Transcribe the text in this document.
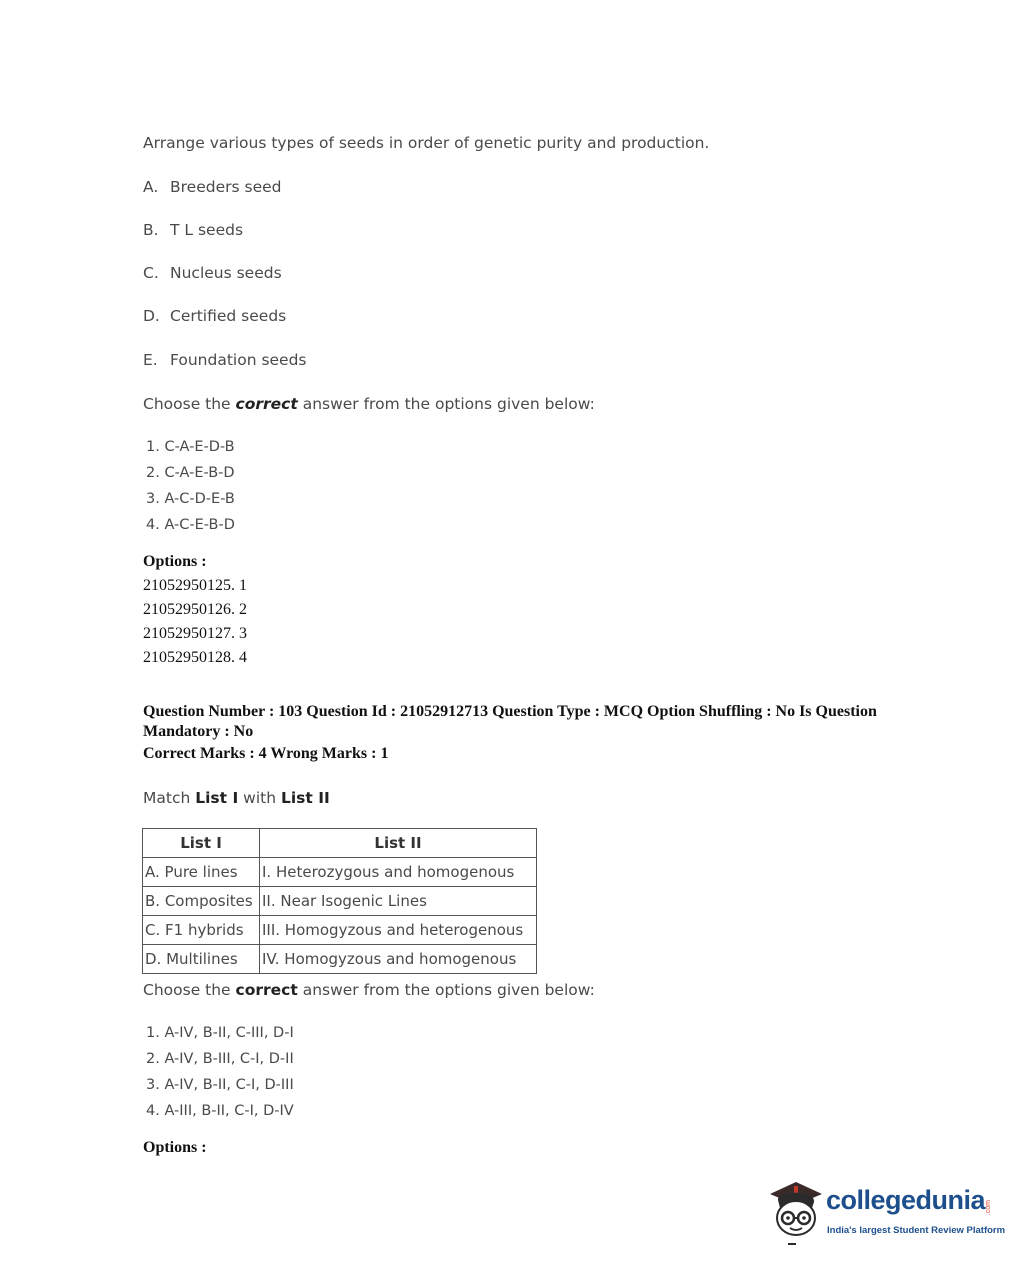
Arrange various types of seeds in order of genetic purity and production.
A. Breeders seed
B. T L seeds
C. Nucleus seeds
D. Certified seeds
E. Foundation seeds
Choose the correct answer from the options given below:
1. C-A-E-D-B
2. C-A-E-B-D
3. A-C-D-E-B
4. A-C-E-B-D
Options :
21052950125. 1
21052950126. 2
21052950127. 3
21052950128. 4
Question Number : 103 Question Id : 21052912713 Question Type : MCQ Option Shuffling : No Is Question Mandatory : No
Correct Marks : 4 Wrong Marks : 1
Match List I with List II
List I	List II
A. Pure lines	I. Heterozygous and homogenous
B. Composites	II. Near Isogenic Lines
C. F1 hybrids	III. Homogyzous and heterogenous
D. Multilines	IV. Homogyzous and homogenous
Choose the correct answer from the options given below:
1. A-IV, B-II, C-III, D-I
2. A-IV, B-III, C-I, D-II
3. A-IV, B-II, C-I, D-III
4. A-III, B-II, C-I, D-IV
Options :
collegedunia .com
India's largest Student Review Platform
